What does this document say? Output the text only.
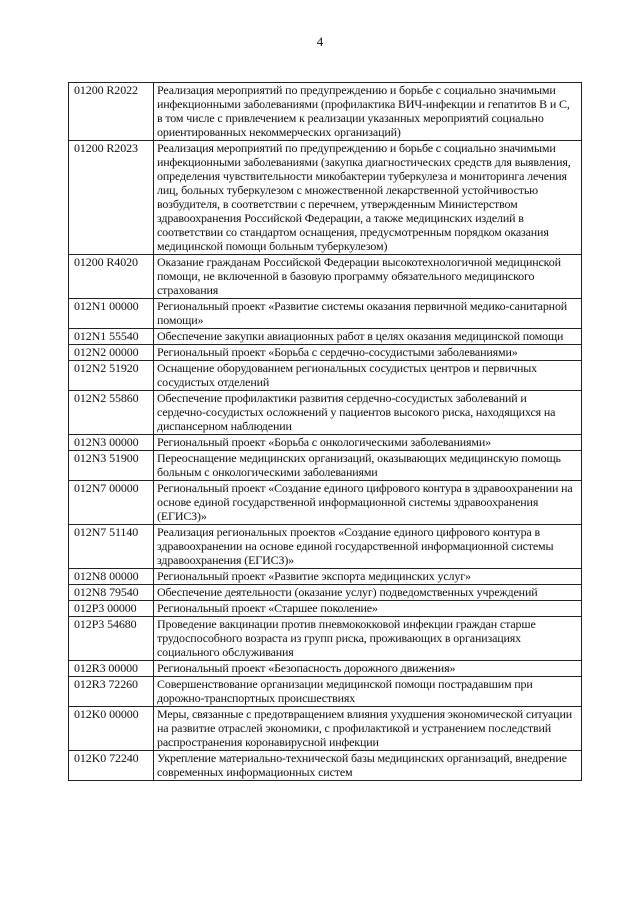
4
01200 R2022	Реализация мероприятий по предупреждению и борьбе с социально значимыми инфекционными заболеваниями (профилактика ВИЧ-инфекции и гепатитов В и С, в том числе с привлечением к реализации указанных мероприятий социально ориентированных некоммерческих организаций)
01200 R2023	Реализация мероприятий по предупреждению и борьбе с социально значимыми инфекционными заболеваниями (закупка диагностических средств для выявления, определения чувствительности микобактерии туберкулеза и мониторинга лечения лиц, больных туберкулезом с множественной лекарственной устойчивостью возбудителя, в соответствии с перечнем, утвержденным Министерством здравоохранения Российской Федерации, а также медицинских изделий в соответствии со стандартом оснащения, предусмотренным порядком оказания медицинской помощи больным туберкулезом)
01200 R4020	Оказание гражданам Российской Федерации высокотехнологичной медицинской помощи, не включенной в базовую программу обязательного медицинского страхования
012N1 00000	Региональный проект «Развитие системы оказания первичной медико-санитарной помощи»
012N1 55540	Обеспечение закупки авиационных работ в целях оказания медицинской помощи
012N2 00000	Региональный проект «Борьба с сердечно-сосудистыми заболеваниями»
012N2 51920	Оснащение оборудованием региональных сосудистых центров и первичных сосудистых отделений
012N2 55860	Обеспечение профилактики развития сердечно-сосудистых заболеваний и сердечно-сосудистых осложнений у пациентов высокого риска, находящихся на диспансерном наблюдении
012N3 00000	Региональный проект «Борьба с онкологическими заболеваниями»
012N3 51900	Переоснащение медицинских организаций, оказывающих медицинскую помощь больным с онкологическими заболеваниями
012N7 00000	Региональный проект «Создание единого цифрового контура в здравоохранении на основе единой государственной информационной системы здравоохранения (ЕГИСЗ)»
012N7 51140	Реализация региональных проектов «Создание единого цифрового контура в здравоохранении на основе единой государственной информационной системы здравоохранения (ЕГИСЗ)»
012N8 00000	Региональный проект «Развитие экспорта медицинских услуг»
012N8 79540	Обеспечение деятельности (оказание услуг) подведомственных учреждений
012P3 00000	Региональный проект «Старшее поколение»
012P3 54680	Проведение вакцинации против пневмококковой инфекции граждан старше трудоспособного возраста из групп риска, проживающих в организациях социального обслуживания
012R3 00000	Региональный проект «Безопасность дорожного движения»
012R3 72260	Совершенствование организации медицинской помощи пострадавшим при дорожно-транспортных происшествиях
012K0 00000	Меры, связанные с предотвращением влияния ухудшения экономической ситуации на развитие отраслей экономики, с профилактикой и устранением последствий распространения коронавирусной инфекции
012K0 72240	Укрепление материально-технической базы медицинских организаций, внедрение современных информационных систем
